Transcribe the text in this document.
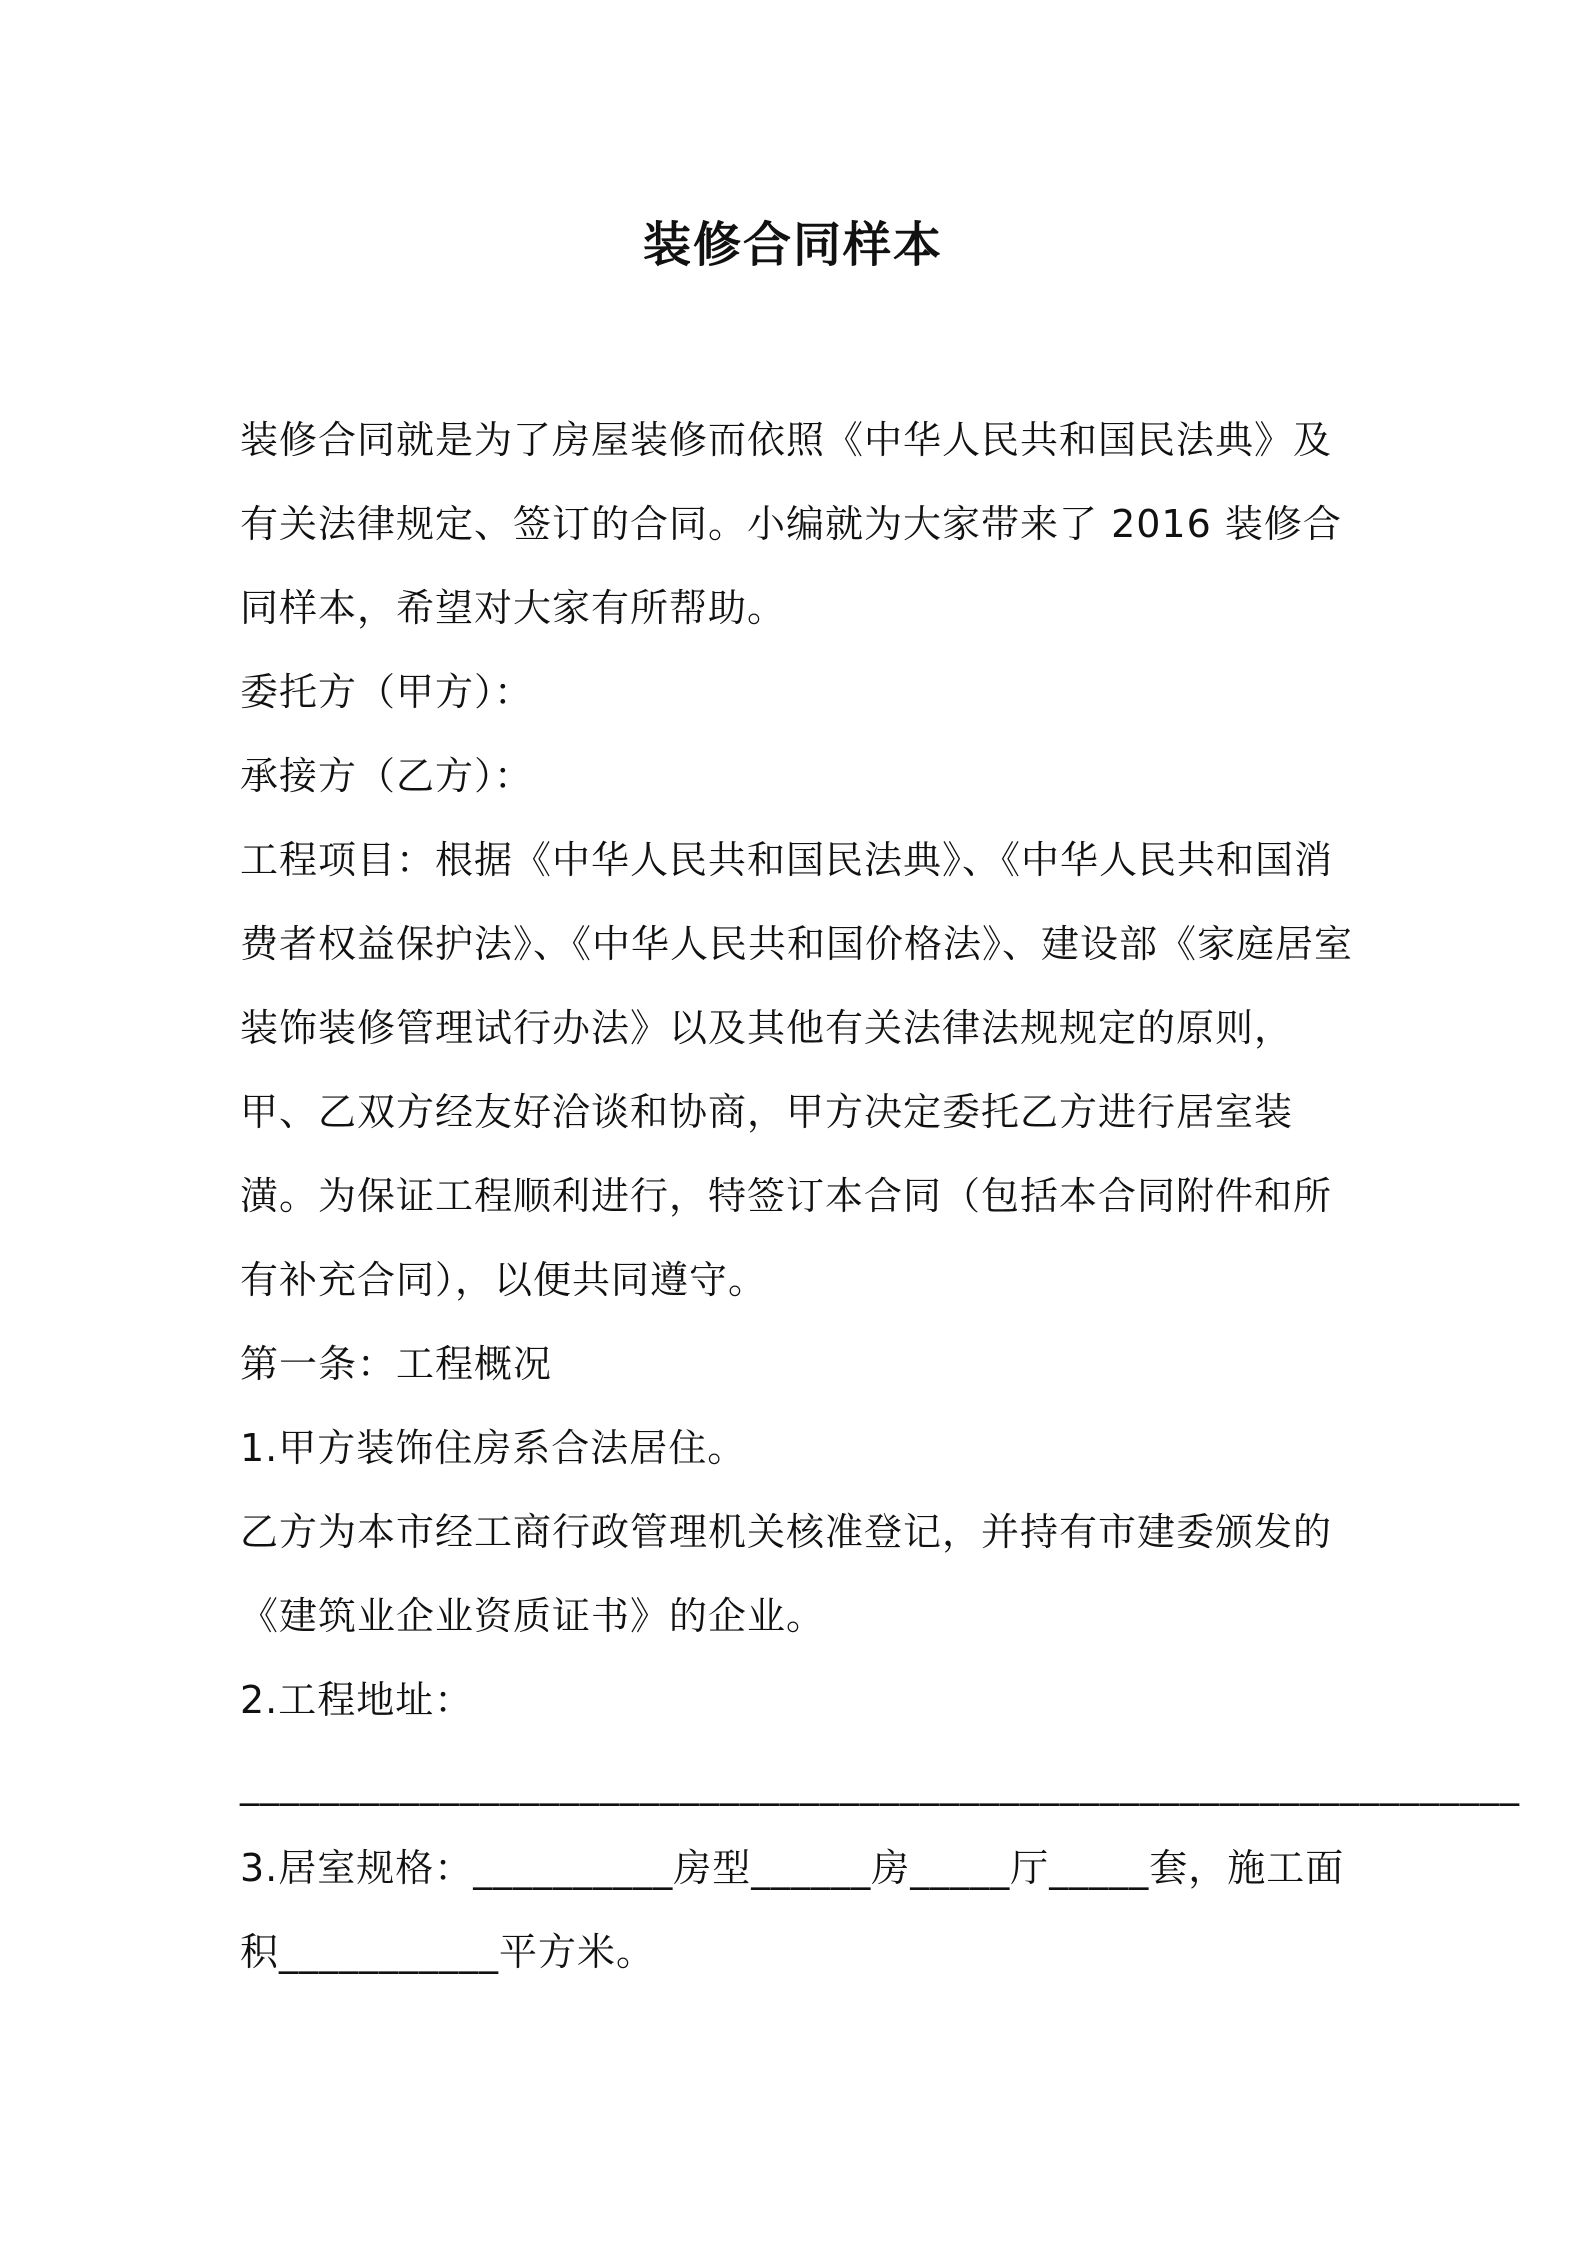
装修合同样本

装修合同就是为了房屋装修而依照《中华人民共和国民法典》及有关法律规定、签订的合同。小编就为大家带来了 2016 装修合同样本，希望对大家有所帮助。

委托方（甲方）：

承接方（乙方）：

工程项目：根据《中华人民共和国民法典》、《中华人民共和国消费者权益保护法》、《中华人民共和国价格法》、建设部《家庭居室装饰装修管理试行办法》以及其他有关法律法规规定的原则，甲、乙双方经友好洽谈和协商，甲方决定委托乙方进行居室装潢。为保证工程顺利进行，特签订本合同（包括本合同附件和所有补充合同），以便共同遵守。

第一条：工程概况

1.甲方装饰住房系合法居住。

乙方为本市经工商行政管理机关核准登记，并持有市建委颁发的《建筑业企业资质证书》的企业。

2.工程地址：

________________________________________________________________

3.居室规格：__________房型______房_____厅_____套，施工面积___________平方米。
